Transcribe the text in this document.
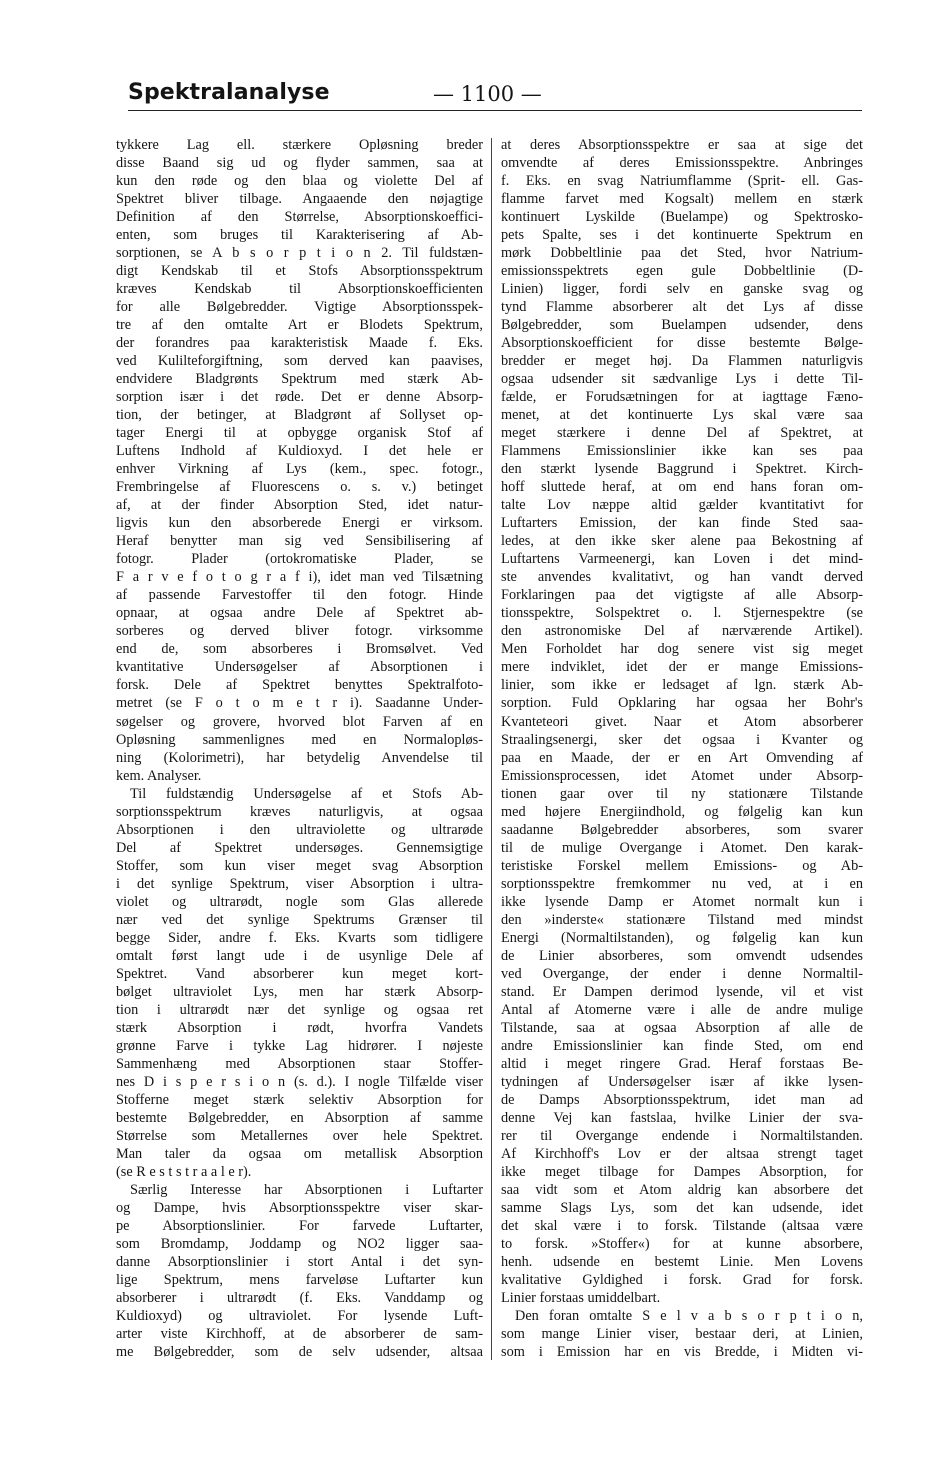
Spektralanalyse	— 1100 —
tykkere Lag ell. stærkere Opløsning breder
disse Baand sig ud og flyder sammen, saa at
kun den røde og den blaa og violette Del af
Spektret bliver tilbage. Angaaende den nøjagtige
Definition af den Størrelse, Absorptionskoeffici-
enten, som bruges til Karakterisering af Ab-
sorptionen, se A b s o r p t i o n 2. Til fuldstæn-
digt Kendskab til et Stofs Absorptionsspektrum
kræves Kendskab til Absorptionskoefficienten
for alle Bølgebredder. Vigtige Absorptionsspek-
tre af den omtalte Art er Blodets Spektrum,
der forandres paa karakteristisk Maade f. Eks.
ved Kulilteforgiftning, som derved kan paavises,
endvidere Bladgrønts Spektrum med stærk Ab-
sorption især i det røde. Det er denne Absorp-
tion, der betinger, at Bladgrønt af Sollyset op-
tager Energi til at opbygge organisk Stof af
Luftens Indhold af Kuldioxyd. I det hele er
enhver Virkning af Lys (kem., spec. fotogr.,
Frembringelse af Fluorescens o. s. v.) betinget
af, at der finder Absorption Sted, idet natur-
ligvis kun den absorberede Energi er virksom.
Heraf benytter man sig ved Sensibilisering af
fotogr. Plader (ortokromatiske Plader, se
F a r v e f o t o g r a f i), idet man ved Tilsætning
af passende Farvestoffer til den fotogr. Hinde
opnaar, at ogsaa andre Dele af Spektret ab-
sorberes og derved bliver fotogr. virksomme
end de, som absorberes i Bromsølvet. Ved
kvantitative Undersøgelser af Absorptionen i
forsk. Dele af Spektret benyttes Spektralfoto-
metret (se F o t o m e t r i). Saadanne Under-
søgelser og grovere, hvorved blot Farven af en
Opløsning sammenlignes med en Normalopløs-
ning (Kolorimetri), har betydelig Anvendelse til
kem. Analyser.
Til fuldstændig Undersøgelse af et Stofs Ab-
sorptionsspektrum kræves naturligvis, at ogsaa
Absorptionen i den ultraviolette og ultrarøde
Del af Spektret undersøges. Gennemsigtige
Stoffer, som kun viser meget svag Absorption
i det synlige Spektrum, viser Absorption i ultra-
violet og ultrarødt, nogle som Glas allerede
nær ved det synlige Spektrums Grænser til
begge Sider, andre f. Eks. Kvarts som tidligere
omtalt først langt ude i de usynlige Dele af
Spektret. Vand absorberer kun meget kort-
bølget ultraviolet Lys, men har stærk Absorp-
tion i ultrarødt nær det synlige og ogsaa ret
stærk Absorption i rødt, hvorfra Vandets
grønne Farve i tykke Lag hidrører. I nøjeste
Sammenhæng med Absorptionen staar Stoffer-
nes D i s p e r s i o n (s. d.). I nogle Tilfælde viser
Stofferne meget stærk selektiv Absorption for
bestemte Bølgebredder, en Absorption af samme
Størrelse som Metallernes over hele Spektret.
Man taler da ogsaa om metallisk Absorption
(se R e s t s t r a a l e r).
Særlig Interesse har Absorptionen i Luftarter
og Dampe, hvis Absorptionsspektre viser skar-
pe Absorptionslinier. For farvede Luftarter,
som Bromdamp, Joddamp og NO2 ligger saa-
danne Absorptionslinier i stort Antal i det syn-
lige Spektrum, mens farveløse Luftarter kun
absorberer i ultrarødt (f. Eks. Vanddamp og
Kuldioxyd) og ultraviolet. For lysende Luft-
arter viste Kirchhoff, at de absorberer de sam-
me Bølgebredder, som de selv udsender, altsaa
at deres Absorptionsspektre er saa at sige det
omvendte af deres Emissionsspektre. Anbringes
f. Eks. en svag Natriumflamme (Sprit- ell. Gas-
flamme farvet med Kogsalt) mellem en stærk
kontinuert Lyskilde (Buelampe) og Spektrosko-
pets Spalte, ses i det kontinuerte Spektrum en
mørk Dobbeltlinie paa det Sted, hvor Natrium-
emissionsspektrets egen gule Dobbeltlinie (D-
Linien) ligger, fordi selv en ganske svag og
tynd Flamme absorberer alt det Lys af disse
Bølgebredder, som Buelampen udsender, dens
Absorptionskoefficient for disse bestemte Bølge-
bredder er meget høj. Da Flammen naturligvis
ogsaa udsender sit sædvanlige Lys i dette Til-
fælde, er Forudsætningen for at iagttage Fæno-
menet, at det kontinuerte Lys skal være saa
meget stærkere i denne Del af Spektret, at
Flammens Emissionslinier ikke kan ses paa
den stærkt lysende Baggrund i Spektret. Kirch-
hoff sluttede heraf, at om end hans foran om-
talte Lov næppe altid gælder kvantitativt for
Luftarters Emission, der kan finde Sted saa-
ledes, at den ikke sker alene paa Bekostning af
Luftartens Varmeenergi, kan Loven i det mind-
ste anvendes kvalitativt, og han vandt derved
Forklaringen paa det vigtigste af alle Absorp-
tionsspektre, Solspektret o. l. Stjernespektre (se
den astronomiske Del af nærværende Artikel).
Men Forholdet har dog senere vist sig meget
mere indviklet, idet der er mange Emissions-
linier, som ikke er ledsaget af lgn. stærk Ab-
sorption. Fuld Opklaring har ogsaa her Bohr's
Kvanteteori givet. Naar et Atom absorberer
Straalingsenergi, sker det ogsaa i Kvanter og
paa en Maade, der er en Art Omvending af
Emissionsprocessen, idet Atomet under Absorp-
tionen gaar over til ny stationære Tilstande
med højere Energiindhold, og følgelig kan kun
saadanne Bølgebredder absorberes, som svarer
til de mulige Overgange i Atomet. Den karak-
teristiske Forskel mellem Emissions- og Ab-
sorptionsspektre fremkommer nu ved, at i en
ikke lysende Damp er Atomet normalt kun i
den »inderste« stationære Tilstand med mindst
Energi (Normaltilstanden), og følgelig kan kun
de Linier absorberes, som omvendt udsendes
ved Overgange, der ender i denne Normaltil-
stand. Er Dampen derimod lysende, vil et vist
Antal af Atomerne være i alle de andre mulige
Tilstande, saa at ogsaa Absorption af alle de
andre Emissionslinier kan finde Sted, om end
altid i meget ringere Grad. Heraf forstaas Be-
tydningen af Undersøgelser især af ikke lysen-
de Damps Absorptionsspektrum, idet man ad
denne Vej kan fastslaa, hvilke Linier der sva-
rer til Overgange endende i Normaltilstanden.
Af Kirchhoff's Lov er der altsaa strengt taget
ikke meget tilbage for Dampes Absorption, for
saa vidt som et Atom aldrig kan absorbere det
samme Slags Lys, som det kan udsende, idet
det skal være i to forsk. Tilstande (altsaa være
to forsk. »Stoffer«) for at kunne absorbere,
henh. udsende en bestemt Linie. Men Lovens
kvalitative Gyldighed i forsk. Grad for forsk.
Linier forstaas umiddelbart.
Den foran omtalte S e l v a b s o r p t i o n,
som mange Linier viser, bestaar deri, at Linien,
som i Emission har en vis Bredde, i Midten vi-
